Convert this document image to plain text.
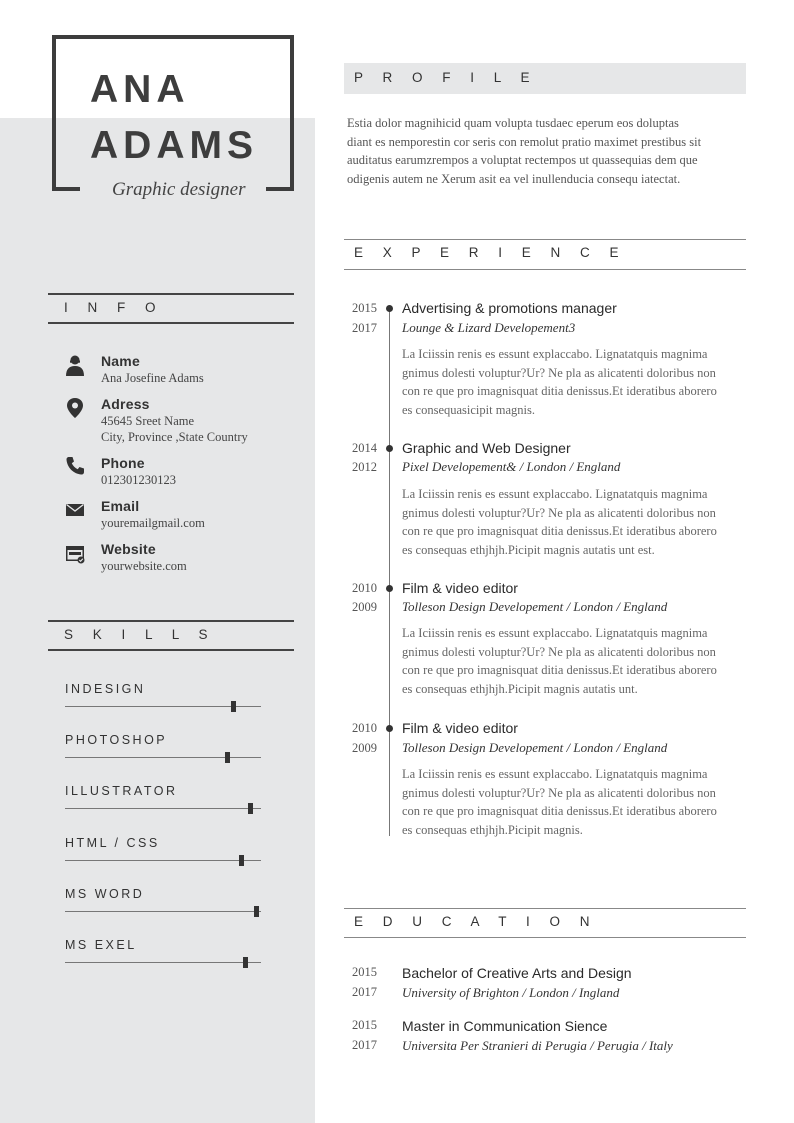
ANA
ADAMS
Graphic designer
I N F O
Name
Ana Josefine Adams
Adress
45645 Sreet Name
City, Province ,State Country
Phone
012301230123
Email
youremailgmail.com
Website
yourwebsite.com
S K I L L S
INDESIGN
PHOTOSHOP
ILLUSTRATOR
HTML / CSS
MS WORD
MS EXEL
P R O F I L E
Estia dolor magnihicid quam volupta tusdaec eperum eos doluptas
diant es nemporestin cor seris con remolut pratio maximet prestibus sit
auditatus earumzrempos a voluptat rectempos ut quassequias dem que
odigenis autem ne Xerum asit ea vel inullenducia consequ iatectat.
E X P E R I E N C E
2015
2017
Advertising & promotions manager
Lounge & Lizard Developement3
La Iciissin renis es essunt explaccabo. Lignatatquis magnima
gnimus dolesti voluptur?Ur? Ne pla as alicatenti doloribus non
con re que pro imagnisquat ditia denissus.Et ideratibus aborero
es consequasicipit magnis.
2014
2012
Graphic and Web Designer
Pixel Developement& / London / England
La Iciissin renis es essunt explaccabo. Lignatatquis magnima
gnimus dolesti voluptur?Ur? Ne pla as alicatenti doloribus non
con re que pro imagnisquat ditia denissus.Et ideratibus aborero
es consequas ethjhjh.Picipit magnis autatis unt est.
2010
2009
Film & video editor
Tolleson Design Developement / London / England
La Iciissin renis es essunt explaccabo. Lignatatquis magnima
gnimus dolesti voluptur?Ur? Ne pla as alicatenti doloribus non
con re que pro imagnisquat ditia denissus.Et ideratibus aborero
es consequas ethjhjh.Picipit magnis autatis unt.
2010
2009
Film & video editor
Tolleson Design Developement / London / England
La Iciissin renis es essunt explaccabo. Lignatatquis magnima
gnimus dolesti voluptur?Ur? Ne pla as alicatenti doloribus non
con re que pro imagnisquat ditia denissus.Et ideratibus aborero
es consequas ethjhjh.Picipit magnis.
E D U C A T I O N
2015
2017
Bachelor of Creative Arts and Design
University of Brighton / London / Ingland
2015
2017
Master in Communication Sience
Universita Per Stranieri di Perugia / Perugia / Italy
